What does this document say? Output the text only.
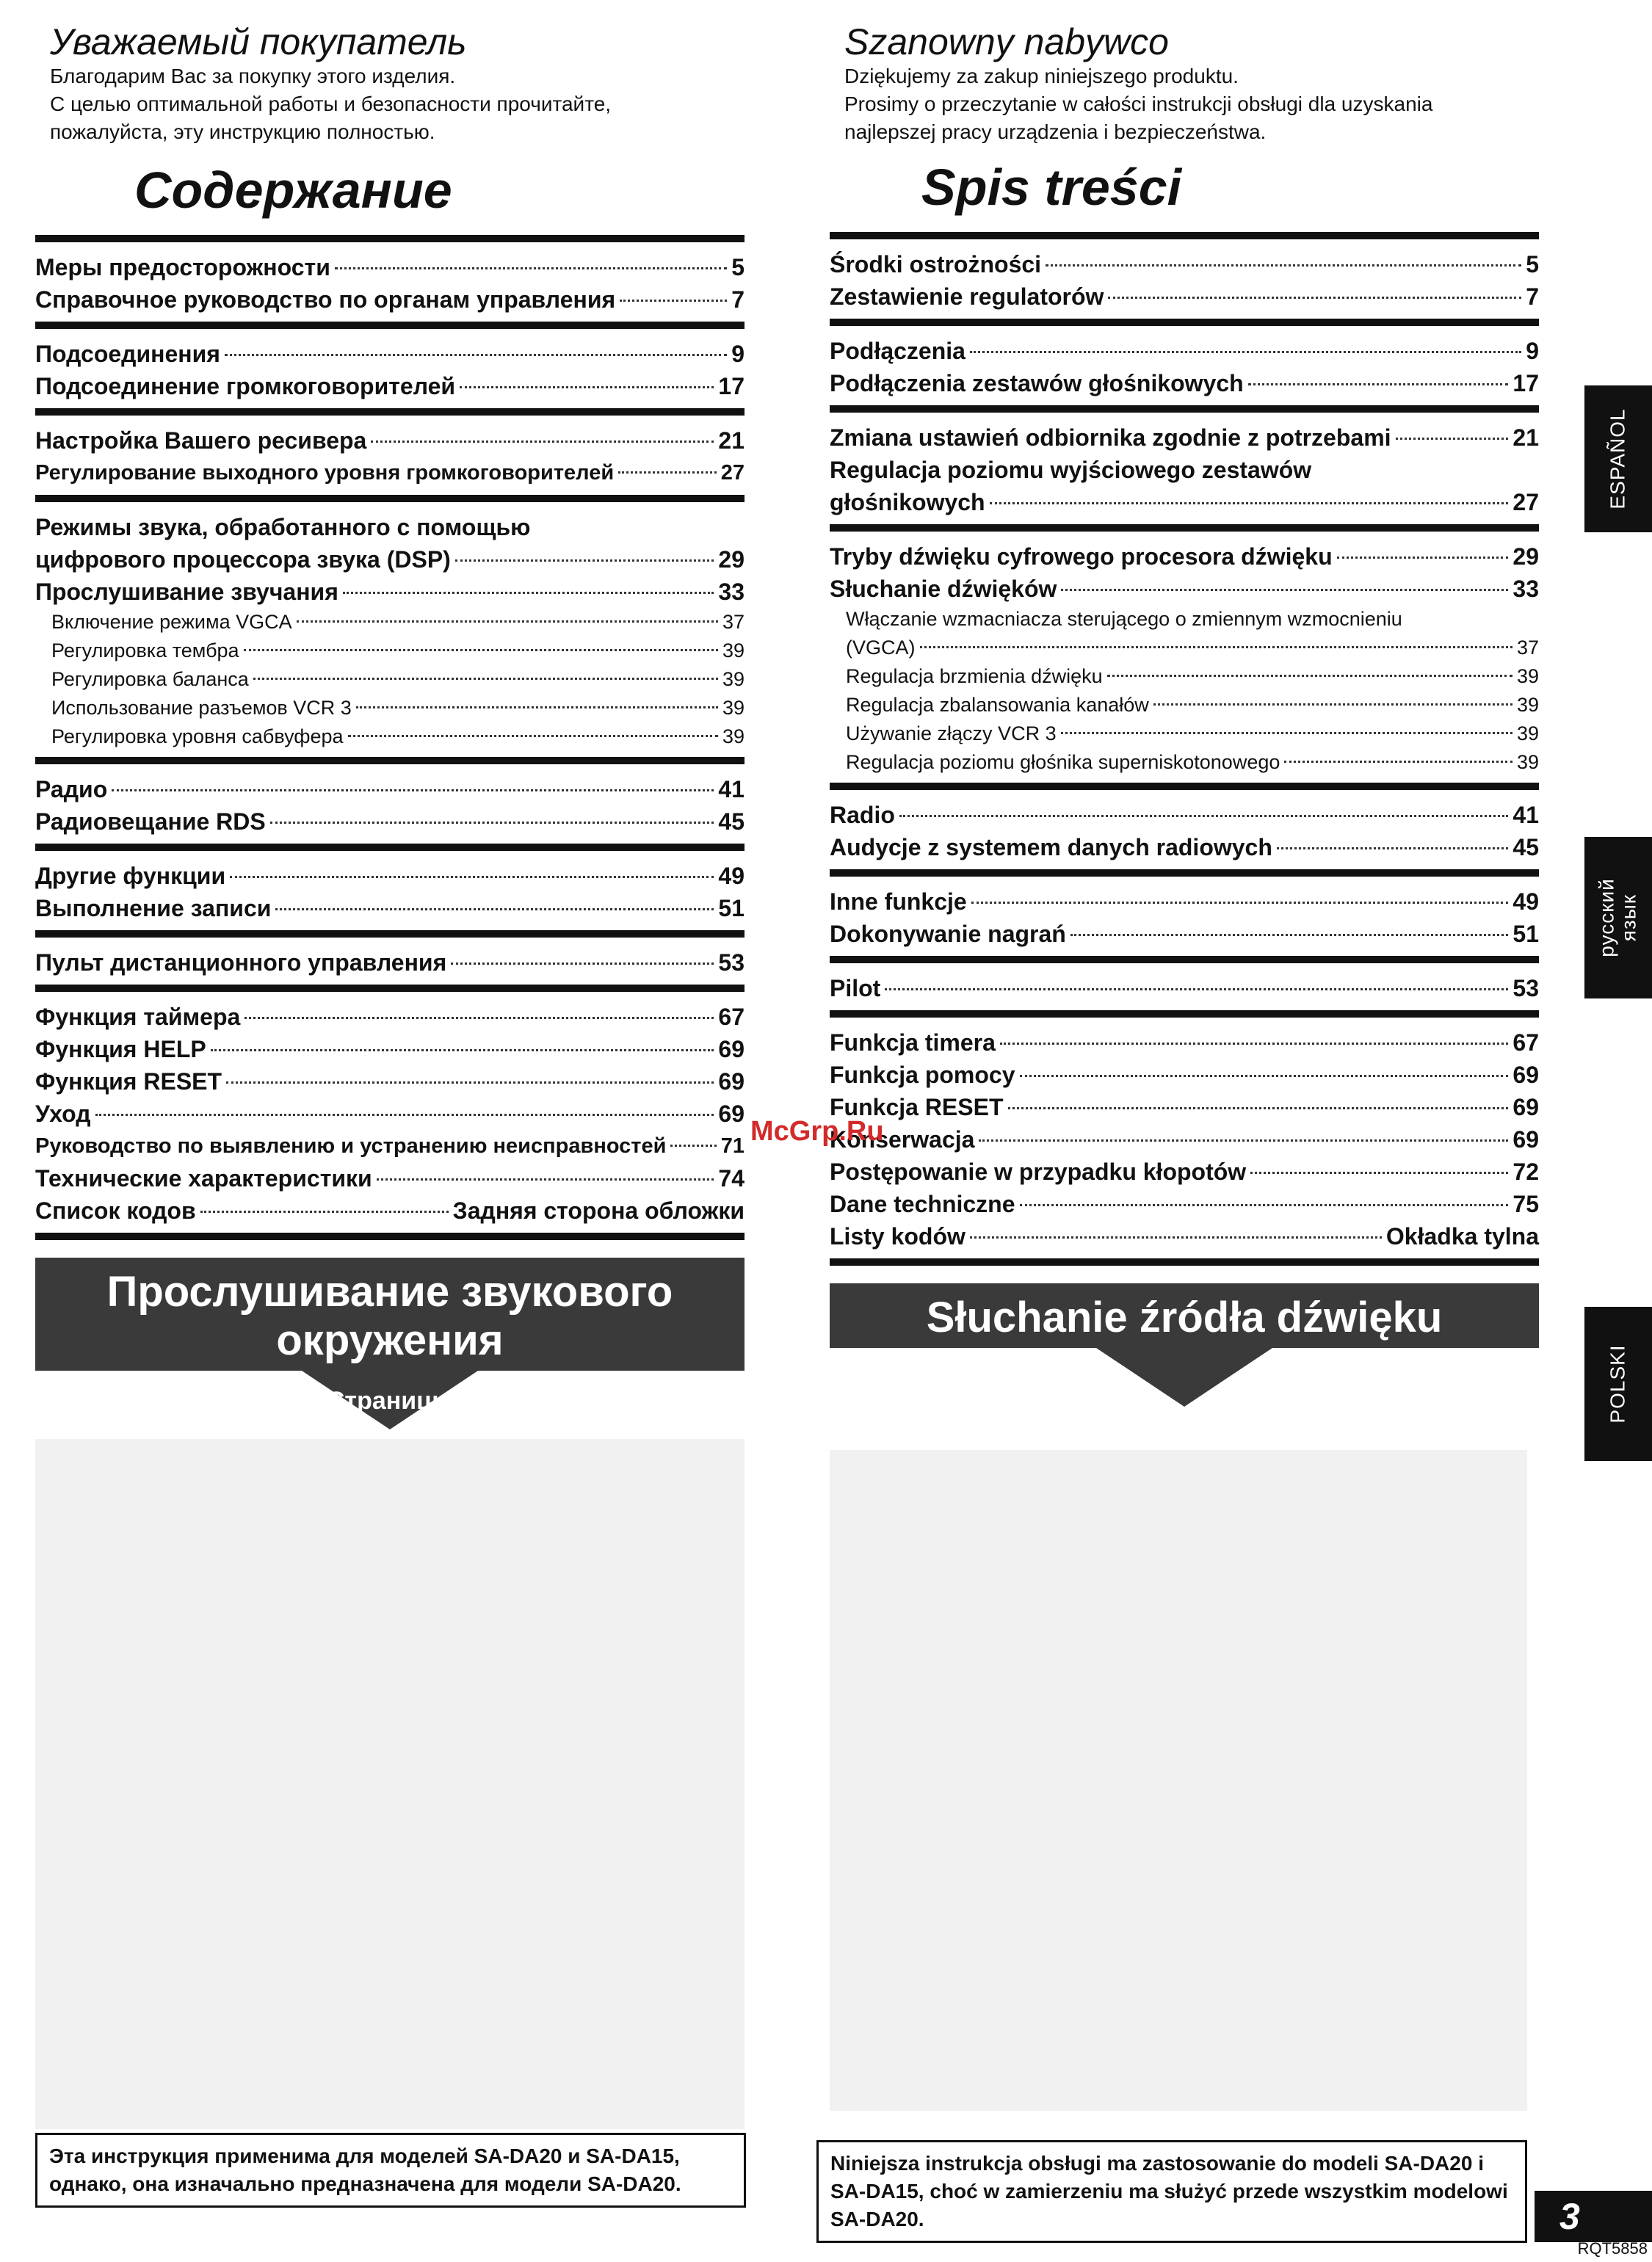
Уважаемый покупатель
Благодарим Вас за покупку этого изделия.
С целью оптимальной работы и безопасности прочитайте,
пожалуйста, эту инструкцию полностью.
Содержание
Меры предосторожности	5
Справочное руководство по органам управления	7
Подсоединения	9
Подсоединение громкоговорителей	17
Настройка Вашего ресивера	21
Регулирование выходного уровня громкоговорителей	27
Режимы звука, обработанного с помощью
цифрового процессора звука (DSP)	29
Прослушивание звучания	33
Включение режима VGCA	37
Регулировка тембра	39
Регулировка баланса	39
Использование разъемов VCR 3	39
Регулировка уровня сабвуфера	39
Радио	41
Радиовещание RDS	45
Другие функции	49
Выполнение записи	51
Пульт дистанционного управления	53
Функция таймера	67
Функция HELP	69
Функция RESET	69
Уход	69
Руководство по выявлению и устранению неисправностей	71
Технические характеристики	74
Список кодов	Задняя сторона обложки
Прослушивание звукового окружения
Страницы
Эта инструкция применима для моделей SA-DA20 и SA-DA15, однако, она изначально предназначена для модели SA-DA20.
Szanowny nabywco
Dziękujemy za zakup niniejszego produktu.
Prosimy o przeczytanie w całości instrukcji obsługi dla uzyskania
najlepszej pracy urządzenia i bezpieczeństwa.
Spis treści
Środki ostrożności	5
Zestawienie regulatorów	7
Podłączenia	9
Podłączenia zestawów głośnikowych	17
Zmiana ustawień odbiornika zgodnie z potrzebami	21
Regulacja poziomu wyjściowego zestawów
głośnikowych	27
Tryby dźwięku cyfrowego procesora dźwięku	29
Słuchanie dźwięków	33
Włączanie wzmacniacza sterującego o zmiennym wzmocnieniu
(VGCA)	37
Regulacja brzmienia dźwięku	39
Regulacja zbalansowania kanałów	39
Używanie złączy VCR 3	39
Regulacja poziomu głośnika superniskotonowego	39
Radio	41
Audycje z systemem danych radiowych	45
Inne funkcje	49
Dokonywanie nagrań	51
Pilot	53
Funkcja timera	67
Funkcja pomocy	69
Funkcja RESET	69
Konserwacja	69
Postępowanie w przypadku kłopotów	72
Dane techniczne	75
Listy kodów	Okładka tylna
Słuchanie źródła dźwięku
Strony
Niniejsza instrukcja obsługi ma zastosowanie do modeli SA-DA20 i SA-DA15, choć w zamierzeniu ma służyć przede wszystkim modelowi SA-DA20.
ESPAÑOL
русский язык
POLSKI
3
RQT5858
McGrp.Ru
